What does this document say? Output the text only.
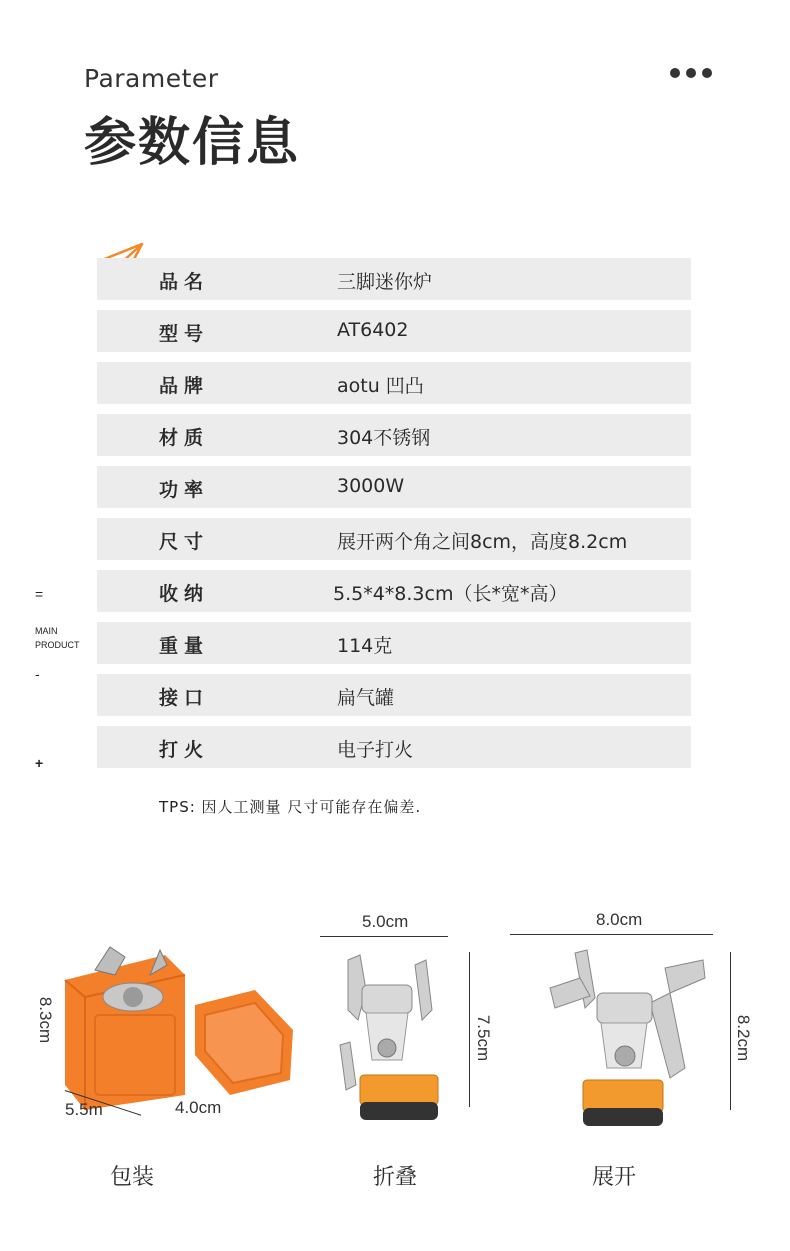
Parameter
参数信息
品名	三脚迷你炉
型号	AT6402
品牌	aotu 凹凸
材质	304不锈钢
功率	3000W
尺寸	展开两个角之间8cm，高度8.2cm
收纳	5.5*4*8.3cm（长*宽*高）
重量	114克
接口	扁气罐
打火	电子打火
=
MAIN
PRODUCT
-
+
TPS: 因人工测量 尺寸可能存在偏差.
5.5m	4.0cm
8.3cm
5.0cm
7.5cm
8.0cm
8.2cm
包装	折叠	展开
